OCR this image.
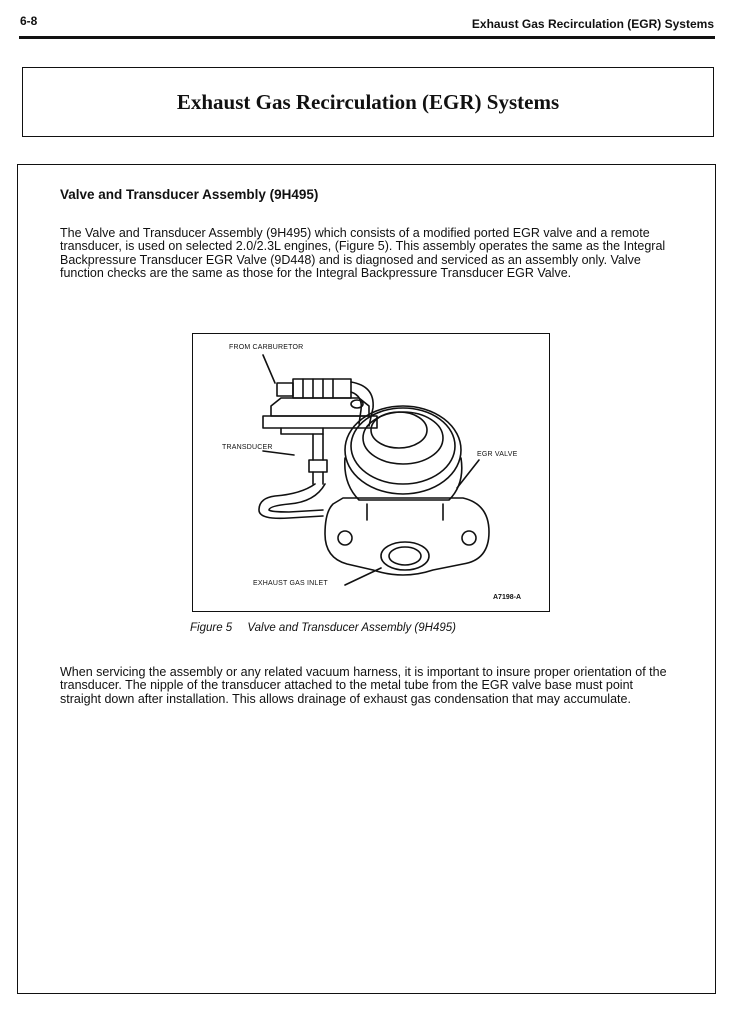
6-8	Exhaust Gas Recirculation (EGR) Systems
Exhaust Gas Recirculation (EGR) Systems
Valve and Transducer Assembly (9H495)

The Valve and Transducer Assembly (9H495) which consists of a modified ported EGR valve and a remote transducer, is used on selected 2.0/2.3L engines, (Figure 5). This assembly operates the same as the Integral Backpressure Transducer EGR Valve (9D448) and is diagnosed and serviced as an assembly only. Valve function checks are the same as those for the Integral Backpressure Transducer EGR Valve.

FROM CARBURETOR
TRANSDUCER
EGR VALVE
EXHAUST GAS INLET
A7198-A
Figure 5 Valve and Transducer Assembly (9H495)

When servicing the assembly or any related vacuum harness, it is important to insure proper orientation of the transducer. The nipple of the transducer attached to the metal tube from the EGR valve base must point straight down after installation. This allows drainage of exhaust gas condensation that may accumulate.
